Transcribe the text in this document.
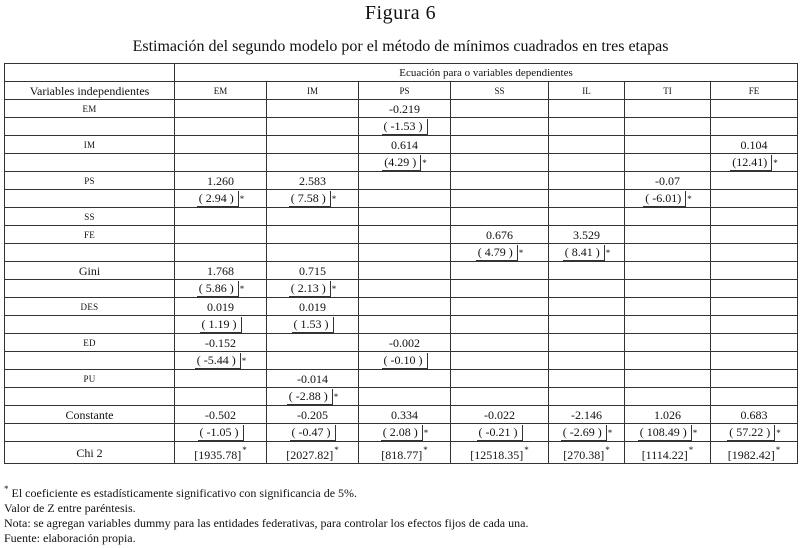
Figura 6
Estimación del segundo modelo por el método de mínimos cuadrados en tres etapas
	Ecuación para o variables dependientes						
Variables independientes	EM	IM	PS	SS	IL	TI	FE
EM			-0.219				

			( -1.53 )				

IM			0.614				0.104

			(4.29 ) *				(12.41) *

PS	1.260	2.583				-0.07	

	( 2.94 ) *	( 7.58 ) *				( -6.01) *	

SS							
FE				0.676	3.529		

				( 4.79 ) *	( 8.41 ) *		

Gini	1.768	0.715					

	( 5.86 ) *	( 2.13 ) *					

DES	0.019	0.019					

	( 1.19 )	( 1.53 )					

ED	-0.152		-0.002				

	( -5.44 ) *		( -0.10 )				

PU		-0.014					

		( -2.88 ) *					

Constante	-0.502	-0.205	0.334	-0.022	-2.146	1.026	0.683

	( -1.05 )	( -0.47 )	( 2.08 ) *	( -0.21 )	( -2.69 ) *	( 108.49 ) *	( 57.22 ) *

Chi 2	[1935.78]*	[2027.82]*	[818.77]*	[12518.35]*	[270.38]*	[1114.22]*	[1982.42]*
* El coeficiente es estadísticamente significativo con significancia de 5%.
Valor de Z entre paréntesis.
Nota: se agregan variables dummy para las entidades federativas, para controlar los efectos fijos de cada una.
Fuente: elaboración propia.
